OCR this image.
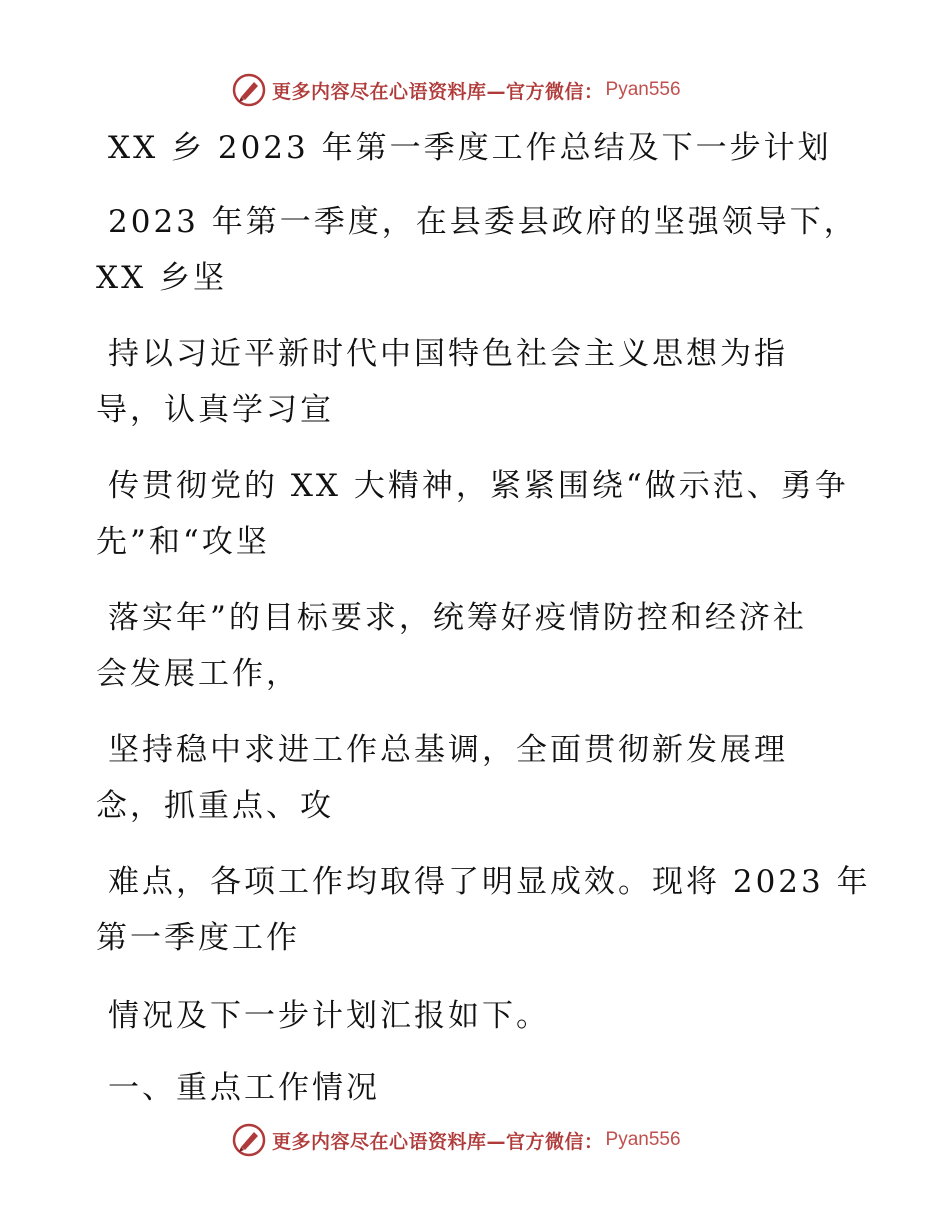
更多内容尽在心语资料库—官方微信： Pyan556
XX 乡 2023 年第一季度工作总结及下一步计划
2023 年第一季度，在县委县政府的坚强领导下，
XX 乡坚
持以习近平新时代中国特色社会主义思想为指
导，认真学习宣
传贯彻党的 XX 大精神，紧紧围绕“做示范、勇争
先”和“攻坚
落实年”的目标要求，统筹好疫情防控和经济社
会发展工作，
坚持稳中求进工作总基调，全面贯彻新发展理
念，抓重点、攻
难点，各项工作均取得了明显成效。现将 2023 年
第一季度工作
情况及下一步计划汇报如下。
一、重点工作情况
更多内容尽在心语资料库—官方微信： Pyan556
